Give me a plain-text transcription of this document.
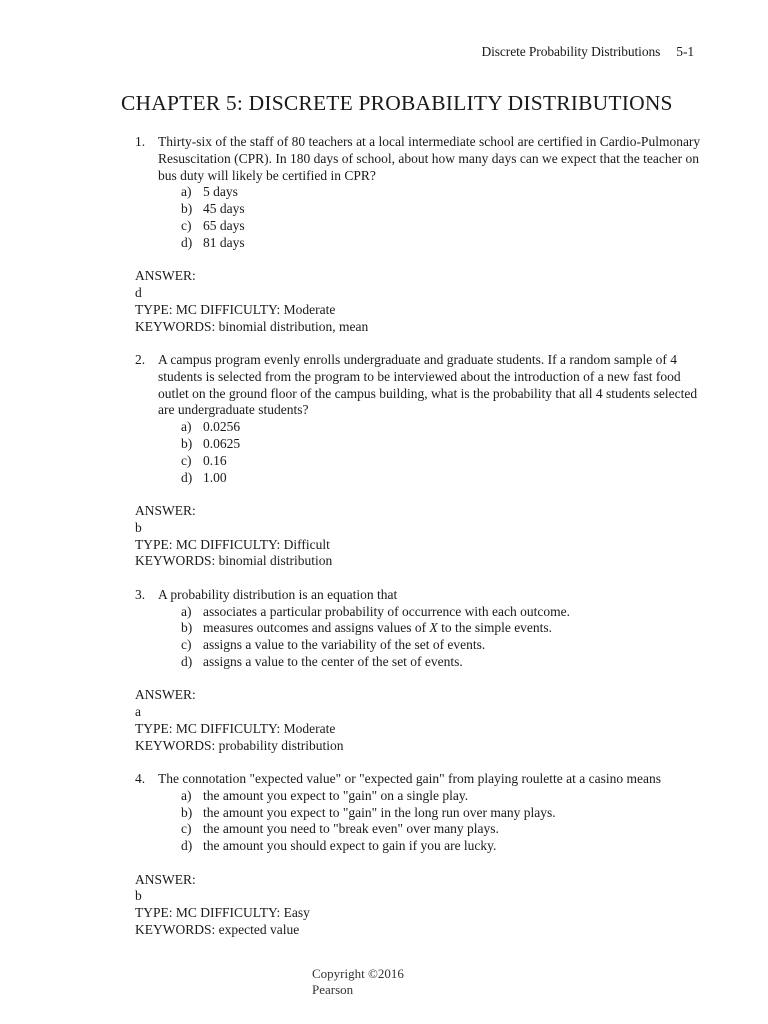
Discrete Probability Distributions 5-1
CHAPTER 5: DISCRETE PROBABILITY DISTRIBUTIONS
1. Thirty-six of the staff of 80 teachers at a local intermediate school are certified in Cardio-Pulmonary Resuscitation (CPR). In 180 days of school, about how many days can we expect that the teacher on bus duty will likely be certified in CPR?
a) 5 days
b) 45 days
c) 65 days
d) 81 days
ANSWER:
d
TYPE: MC DIFFICULTY: Moderate
KEYWORDS: binomial distribution, mean
2. A campus program evenly enrolls undergraduate and graduate students. If a random sample of 4 students is selected from the program to be interviewed about the introduction of a new fast food outlet on the ground floor of the campus building, what is the probability that all 4 students selected are undergraduate students?
a) 0.0256
b) 0.0625
c) 0.16
d) 1.00
ANSWER:
b
TYPE: MC DIFFICULTY: Difficult
KEYWORDS: binomial distribution
3. A probability distribution is an equation that
a) associates a particular probability of occurrence with each outcome.
b) measures outcomes and assigns values of X to the simple events.
c) assigns a value to the variability of the set of events.
d) assigns a value to the center of the set of events.
ANSWER:
a
TYPE: MC DIFFICULTY: Moderate
KEYWORDS: probability distribution
4. The connotation "expected value" or "expected gain" from playing roulette at a casino means
a) the amount you expect to "gain" on a single play.
b) the amount you expect to "gain" in the long run over many plays.
c) the amount you need to "break even" over many plays.
d) the amount you should expect to gain if you are lucky.
ANSWER:
b
TYPE: MC DIFFICULTY: Easy
KEYWORDS: expected value
Copyright ©2016 Pearson
